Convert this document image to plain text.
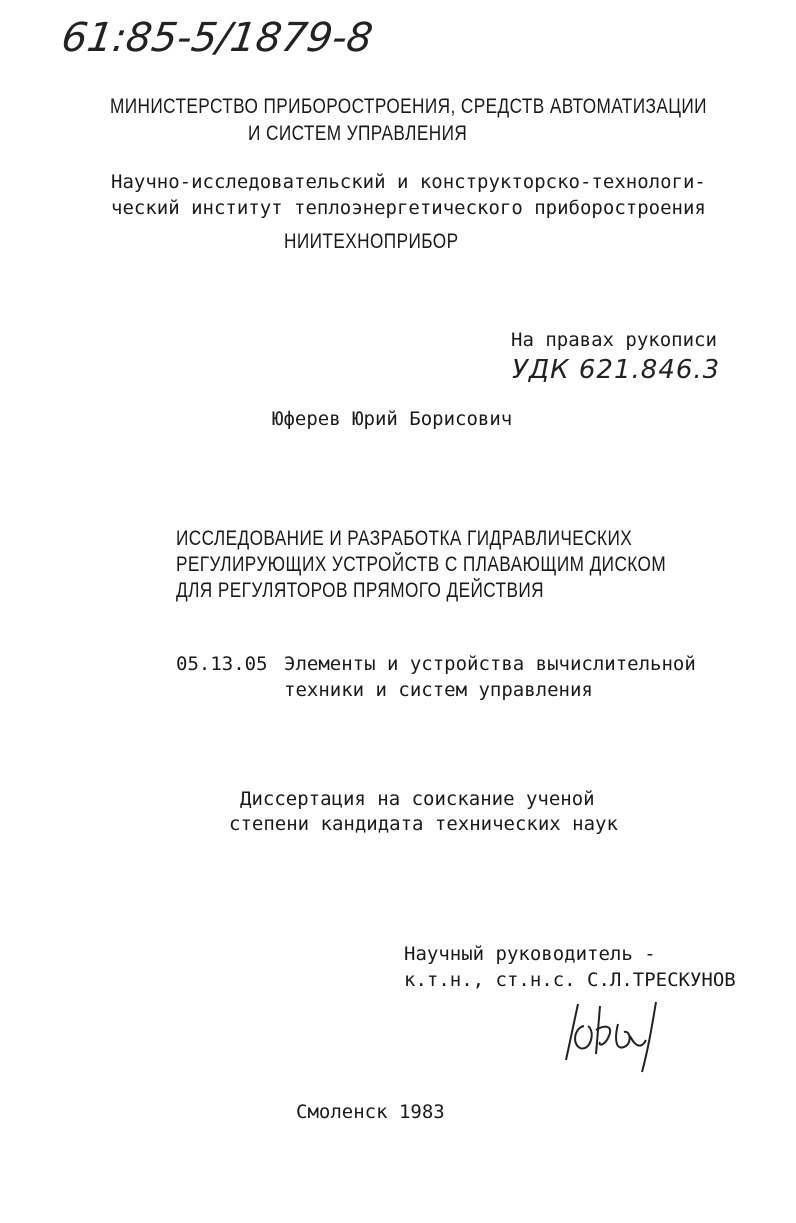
61:85-5/1879-8
МИНИСТЕРСТВО ПРИБОРОСТРОЕНИЯ, СРЕДСТВ АВТОМАТИЗАЦИИ
И СИСТЕМ УПРАВЛЕНИЯ
Научно-исследовательский и конструкторско-технологи-
ческий институт теплоэнергетического приборостроения
НИИТЕХНОПРИБОР
На правах рукописи
УДК 621.846.3
Юферев Юрий Борисович
ИССЛЕДОВАНИЕ И РАЗРАБОТКА ГИДРАВЛИЧЕСКИХ
РЕГУЛИРУЮЩИХ УСТРОЙСТВ С ПЛАВАЮЩИМ ДИСКОМ
ДЛЯ РЕГУЛЯТОРОВ ПРЯМОГО ДЕЙСТВИЯ
05.13.05 Элементы и устройства вычислительной
техники и систем управления
Диссертация на соискание ученой
степени кандидата технических наук
Научный руководитель -
к.т.н., ст.н.с. С.Л.ТРЕСКУНОВ
Смоленск 1983
